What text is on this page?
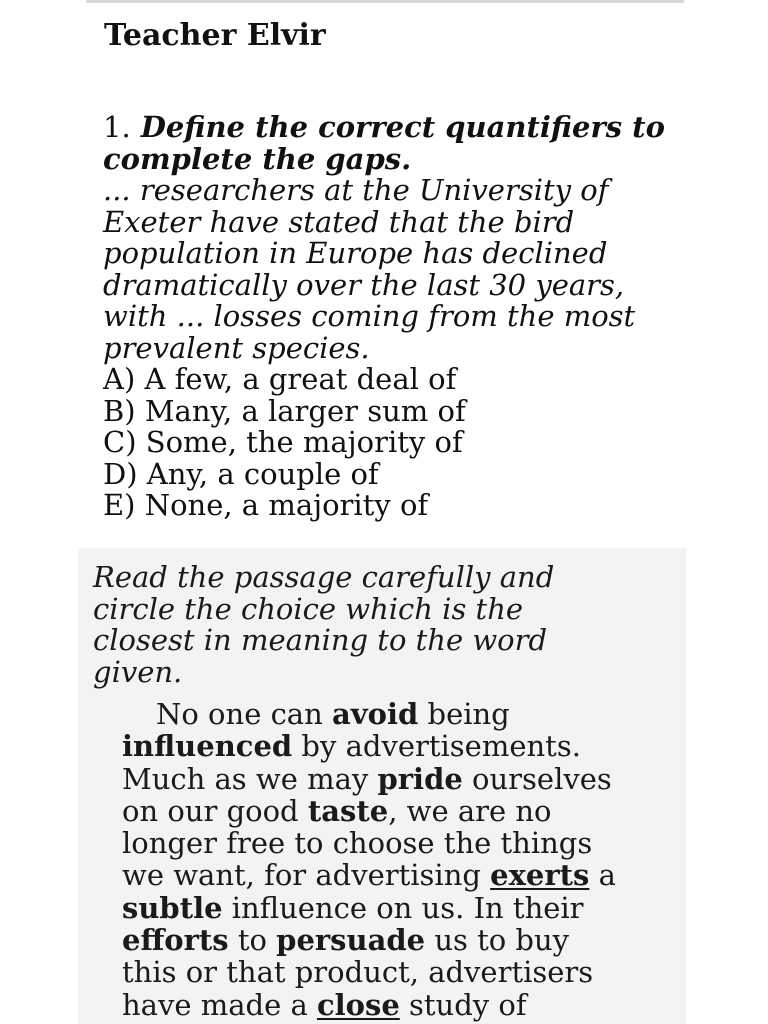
Teacher Elvir
1. Define the correct quantifiers to
complete the gaps.
... researchers at the University of
Exeter have stated that the bird
population in Europe has declined
dramatically over the last 30 years,
with ... losses coming from the most
prevalent species.
A) A few, a great deal of
B) Many, a larger sum of
C) Some, the majority of
D) Any, a couple of
E) None, a majority of
Read the passage carefully and
circle the choice which is the
closest in meaning to the word
given.
No one can avoid being
influenced by advertisements.
Much as we may pride ourselves
on our good taste, we are no
longer free to choose the things
we want, for advertising exerts a
subtle influence on us. In their
efforts to persuade us to buy
this or that product, advertisers
have made a close study of
